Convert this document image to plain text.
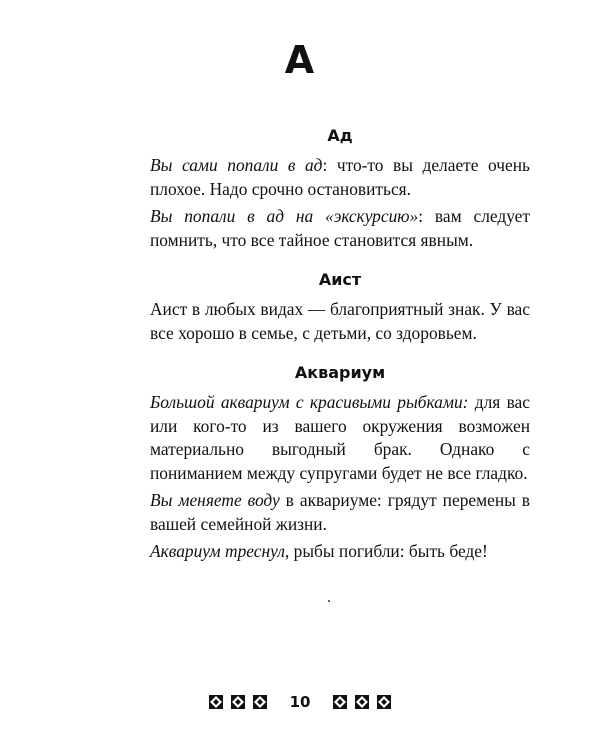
А
Ад

Вы сами попали в ад: что-то вы делаете очень плохое. Надо срочно остановиться.

Вы попали в ад на «экскурсию»: вам следует помнить, что все тайное становится явным.

Аист

Аист в любых видах — благоприятный знак. У вас все хорошо в семье, с детьми, со здоровьем.

Аквариум

Большой аквариум с красивыми рыбками: для вас или кого-то из вашего окружения возможен материально выгодный брак. Однако с пониманием между супругами будет не все гладко.

Вы меняете воду в аквариуме: грядут перемены в вашей семейной жизни.

Аквариум треснул, рыбы погибли: быть беде!

10
